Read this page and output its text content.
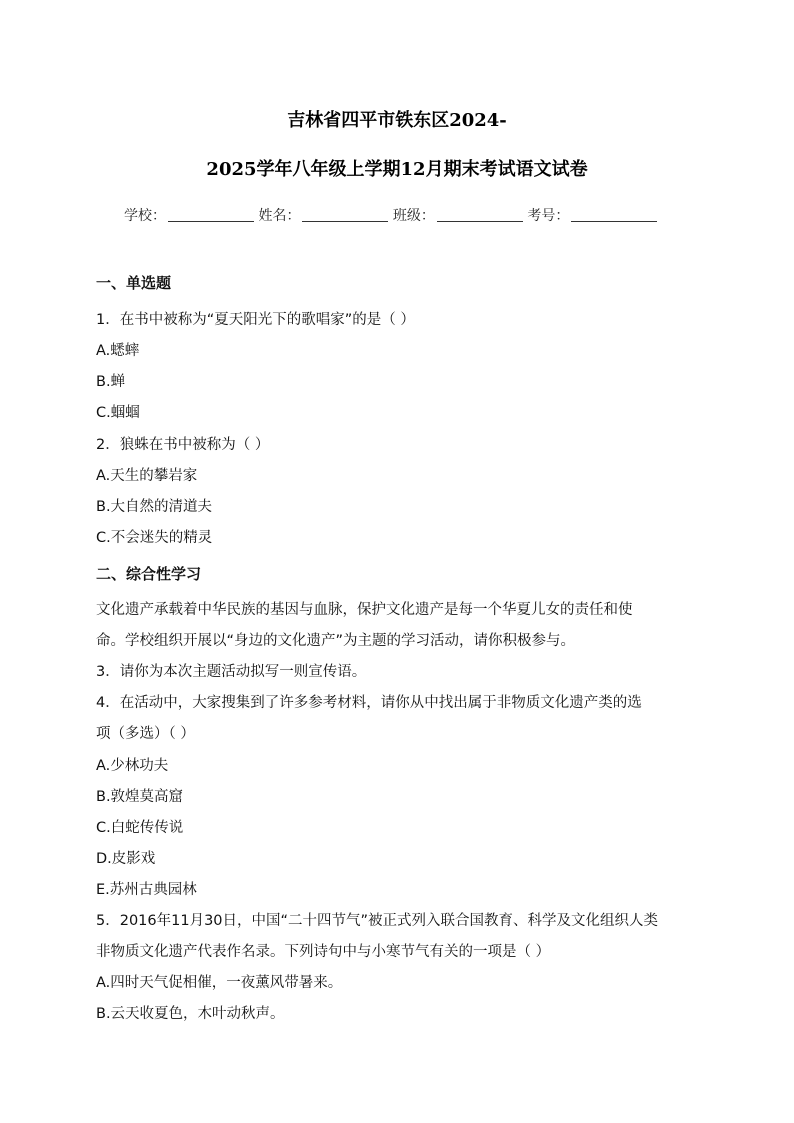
吉林省四平市铁东区2024-
2025学年八年级上学期12月期末考试语文试卷
学校：	姓名：	班级：	考号：
一、单选题
1．在书中被称为“夏天阳光下的歌唱家”的是（ ）
A.蟋蟀
B.蝉
C.蝈蝈
2．狼蛛在书中被称为（ ）
A.天生的攀岩家
B.大自然的清道夫
C.不会迷失的精灵
二、综合性学习
文化遗产承载着中华民族的基因与血脉，保护文化遗产是每一个华夏儿女的责任和使
命。学校组织开展以“身边的文化遗产”为主题的学习活动，请你积极参与。
3．请你为本次主题活动拟写一则宣传语。
4．在活动中，大家搜集到了许多参考材料，请你从中找出属于非物质文化遗产类的选
项（多选）（ ）
A.少林功夫
B.敦煌莫高窟
C.白蛇传传说
D.皮影戏
E.苏州古典园林
5．2016年11月30日，中国“二十四节气”被正式列入联合国教育、科学及文化组织人类
非物质文化遗产代表作名录。下列诗句中与小寒节气有关的一项是（ ）
A.四时天气促相催，一夜薰风带暑来。
B.云天收夏色，木叶动秋声。
